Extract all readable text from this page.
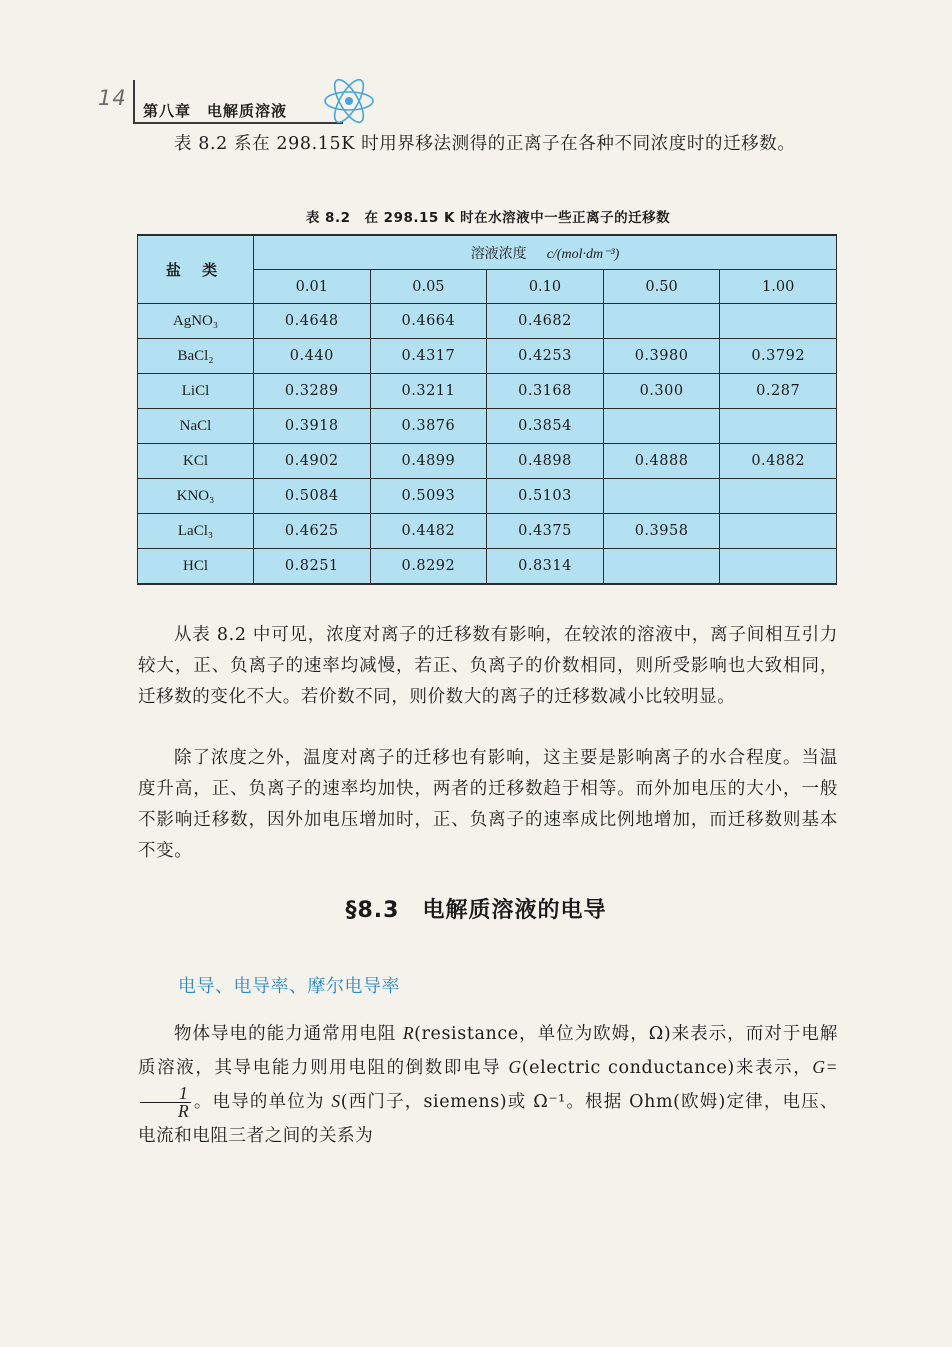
14
第八章　电解质溶液

表 8.2 系在 298.15K 时用界移法测得的正离子在各种不同浓度时的迁移数。

表 8.2　在 298.15 K 时在水溶液中一些正离子的迁移数
盐 类	溶液浓度 c/(mol·dm⁻³)				
	0.01	0.05	0.10	0.50	1.00
AgNO₃	0.4648	0.4664	0.4682		
BaCl₂	0.440	0.4317	0.4253	0.3980	0.3792
LiCl	0.3289	0.3211	0.3168	0.300	0.287
NaCl	0.3918	0.3876	0.3854		
KCl	0.4902	0.4899	0.4898	0.4888	0.4882
KNO₃	0.5084	0.5093	0.5103		
LaCl₃	0.4625	0.4482	0.4375	0.3958	
HCl	0.8251	0.8292	0.8314		

从表 8.2 中可见，浓度对离子的迁移数有影响，在较浓的溶液中，离子间相互引力较大，正、负离子的速率均减慢，若正、负离子的价数相同，则所受影响也大致相同，迁移数的变化不大。若价数不同，则价数大的离子的迁移数减小比较明显。

除了浓度之外，温度对离子的迁移也有影响，这主要是影响离子的水合程度。当温度升高，正、负离子的速率均加快，两者的迁移数趋于相等。而外加电压的大小，一般不影响迁移数，因外加电压增加时，正、负离子的速率成比例地增加，而迁移数则基本不变。

§8.3　电解质溶液的电导
电导、电导率、摩尔电导率

物体导电的能力通常用电阻 R(resistance，单位为欧姆，Ω)来表示，而对于电解质溶液，其导电能力则用电阻的倒数即电导 G(electric conductance)来表示，G=
$\frac{1}{R}$ 。电导的单位为 S(西门子，siemens)或 Ω⁻¹。根据 Ohm(欧姆)定律，电压、电流和电阻三者之间的关系为
